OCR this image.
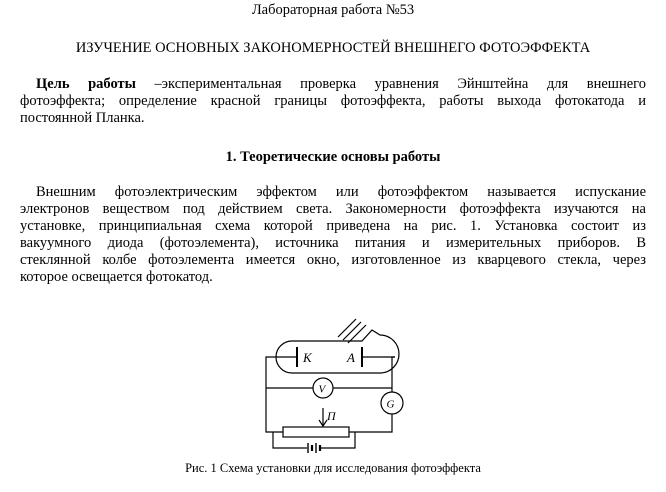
Лабораторная работа №53
ИЗУЧЕНИЕ ОСНОВНЫХ ЗАКОНОМЕРНОСТЕЙ ВНЕШНЕГО ФОТОЭФФЕКТА
Цель работы –экспериментальная проверка уравнения Эйнштейна для внешнего
фотоэффекта; определение красной границы фотоэффекта, работы выхода фотокатода и
постоянной Планка.
1. Теоретические основы работы
Внешним фотоэлектрическим эффектом или фотоэффектом называется испускание
электронов веществом под действием света. Закономерности фотоэффекта изучаются на
установке, принципиальная схема которой приведена на рис. 1. Установка состоит из
вакуумного диода (фотоэлемента), источника питания и измерительных приборов. В
стеклянной колбе фотоэлемента имеется окно, изготовленное из кварцевого стекла, через
которое освещается фотокатод.
K	A
V
G
П
Рис. 1 Схема установки для исследования фотоэффекта
